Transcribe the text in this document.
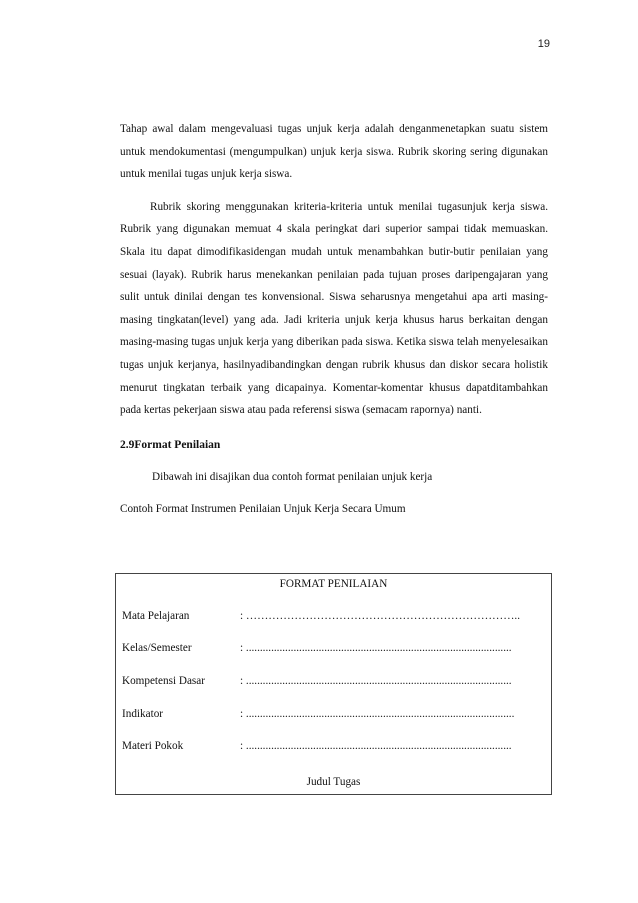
19

Tahap awal dalam mengevaluasi tugas unjuk kerja adalah denganmenetapkan suatu sistem untuk mendokumentasi (mengumpulkan) unjuk kerja siswa. Rubrik skoring sering digunakan untuk menilai tugas unjuk kerja siswa.

Rubrik skoring menggunakan kriteria-kriteria untuk menilai tugasunjuk kerja siswa. Rubrik yang digunakan memuat 4 skala peringkat dari superior sampai tidak memuaskan. Skala itu dapat dimodifikasidengan mudah untuk menambahkan butir-butir penilaian yang sesuai (layak). Rubrik harus menekankan penilaian pada tujuan proses daripengajaran yang sulit untuk dinilai dengan tes konvensional. Siswa seharusnya mengetahui apa arti masing-masing tingkatan(level) yang ada. Jadi kriteria unjuk kerja khusus harus berkaitan dengan masing-masing tugas unjuk kerja yang diberikan pada siswa. Ketika siswa telah menyelesaikan tugas unjuk kerjanya, hasilnyadibandingkan dengan rubrik khusus dan diskor secara holistik menurut tingkatan terbaik yang dicapainya. Komentar-komentar khusus dapatditambahkan pada kertas pekerjaan siswa atau pada referensi siswa (semacam rapornya) nanti.

2.9Format Penilaian
Dibawah ini disajikan dua contoh format penilaian unjuk kerja
Contoh Format Instrumen Penilaian Unjuk Kerja Secara Umum
FORMAT PENILAIAN
Mata Pelajaran	: ………………………………………………………………..
Kelas/Semester	: ...............................................................................................
Kompetensi Dasar	: ...............................................................................................
Indikator	: ................................................................................................
Materi Pokok	: ...............................................................................................
Judul Tugas
